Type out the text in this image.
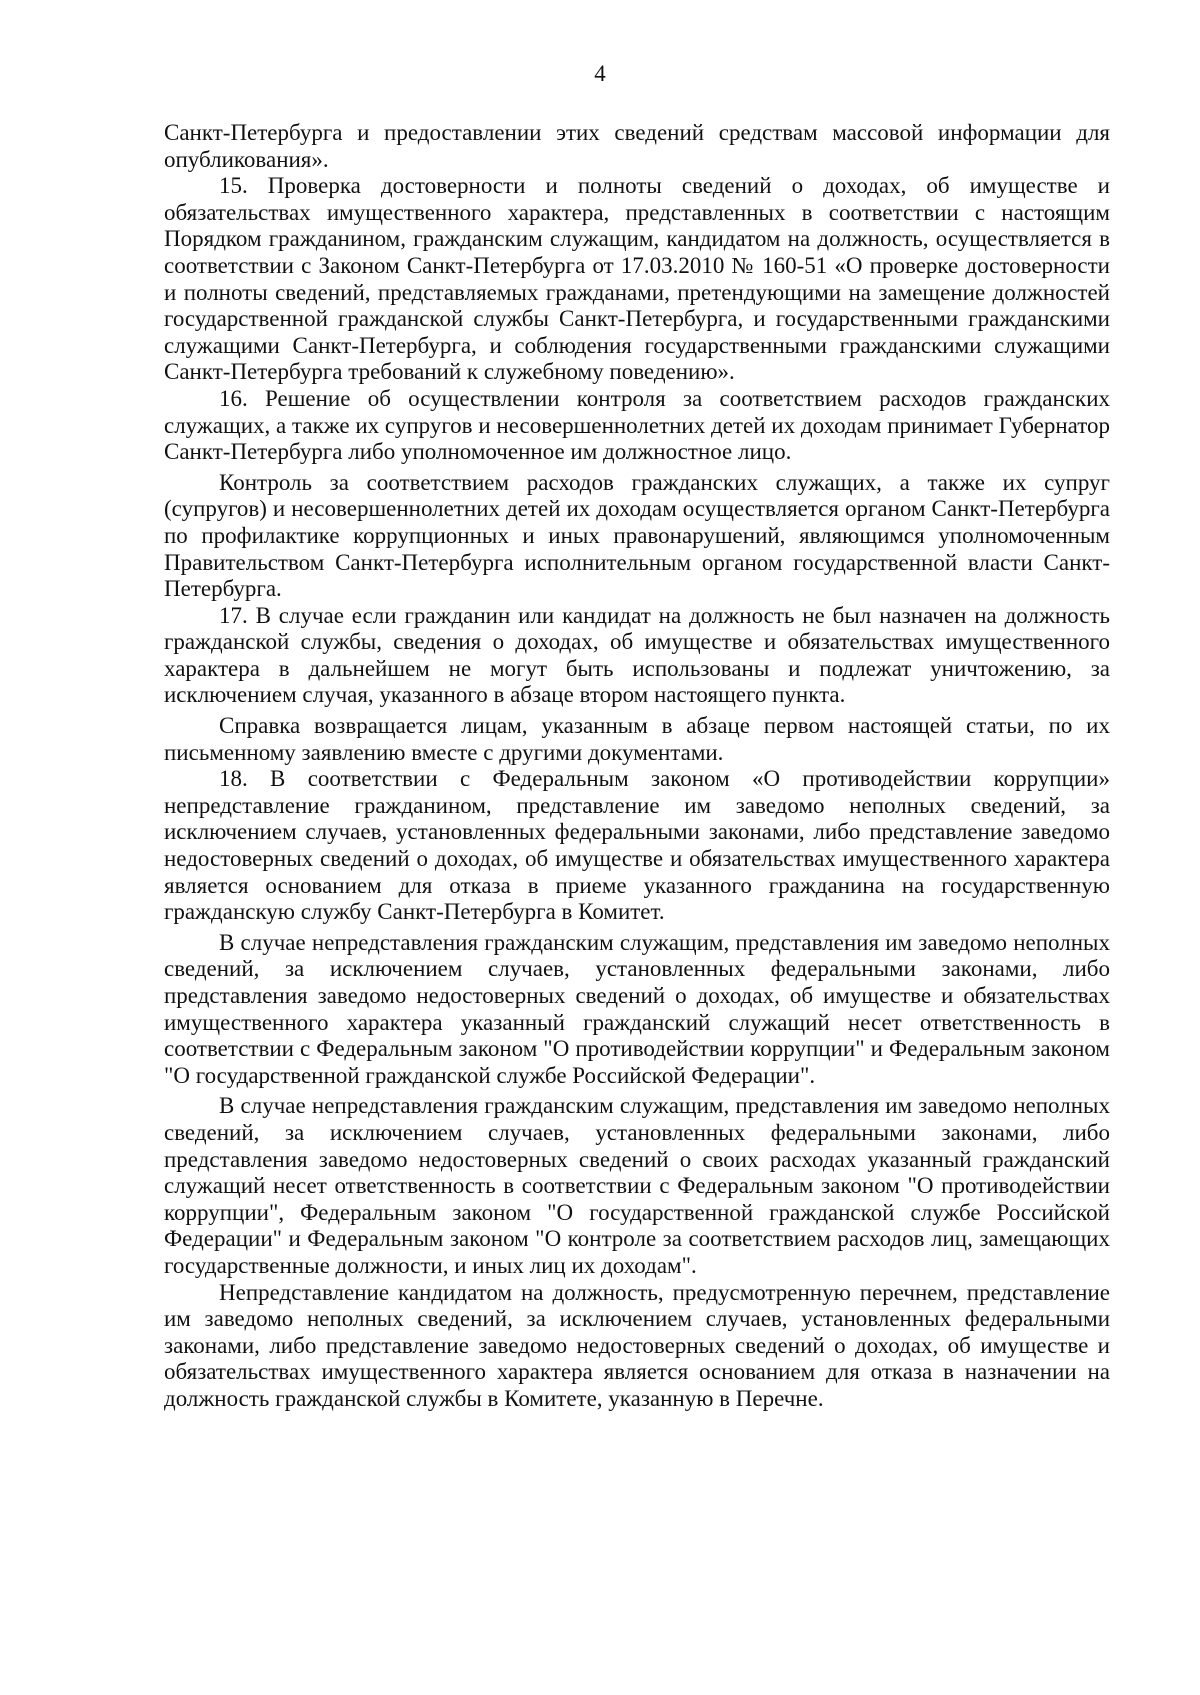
4

Санкт-Петербурга и предоставлении этих сведений средствам массовой информации для опубликования».

15. Проверка достоверности и полноты сведений о доходах, об имуществе и обязательствах имущественного характера, представленных в соответствии с настоящим Порядком гражданином, гражданским служащим, кандидатом на должность, осуществляется в соответствии с Законом Санкт-Петербурга от 17.03.2010 № 160-51 «О проверке достоверности и полноты сведений, представляемых гражданами, претендующими на замещение должностей государственной гражданской службы Санкт-Петербурга, и государственными гражданскими служащими Санкт-Петербурга, и соблюдения государственными гражданскими служащими Санкт-Петербурга требований к служебному поведению».

16. Решение об осуществлении контроля за соответствием расходов гражданских служащих, а также их супругов и несовершеннолетних детей их доходам принимает Губернатор Санкт-Петербурга либо уполномоченное им должностное лицо.

Контроль за соответствием расходов гражданских служащих, а также их супруг (супругов) и несовершеннолетних детей их доходам осуществляется органом Санкт-Петербурга по профилактике коррупционных и иных правонарушений, являющимся уполномоченным Правительством Санкт-Петербурга исполнительным органом государственной власти Санкт-Петербурга.

17. В случае если гражданин или кандидат на должность не был назначен на должность гражданской службы, сведения о доходах, об имуществе и обязательствах имущественного характера в дальнейшем не могут быть использованы и подлежат уничтожению, за исключением случая, указанного в абзаце втором настоящего пункта.

Справка возвращается лицам, указанным в абзаце первом настоящей статьи, по их письменному заявлению вместе с другими документами.

18. В соответствии с Федеральным законом «О противодействии коррупции» непредставление гражданином, представление им заведомо неполных сведений, за исключением случаев, установленных федеральными законами, либо представление заведомо недостоверных сведений о доходах, об имуществе и обязательствах имущественного характера является основанием для отказа в приеме указанного гражданина на государственную гражданскую службу Санкт-Петербурга в Комитет.

В случае непредставления гражданским служащим, представления им заведомо неполных сведений, за исключением случаев, установленных федеральными законами, либо представления заведомо недостоверных сведений о доходах, об имуществе и обязательствах имущественного характера указанный гражданский служащий несет ответственность в соответствии с Федеральным законом "О противодействии коррупции" и Федеральным законом "О государственной гражданской службе Российской Федерации".

В случае непредставления гражданским служащим, представления им заведомо неполных сведений, за исключением случаев, установленных федеральными законами, либо представления заведомо недостоверных сведений о своих расходах указанный гражданский служащий несет ответственность в соответствии с Федеральным законом "О противодействии коррупции", Федеральным законом "О государственной гражданской службе Российской Федерации" и Федеральным законом "О контроле за соответствием расходов лиц, замещающих государственные должности, и иных лиц их доходам".

Непредставление кандидатом на должность, предусмотренную перечнем, представление им заведомо неполных сведений, за исключением случаев, установленных федеральными законами, либо представление заведомо недостоверных сведений о доходах, об имуществе и обязательствах имущественного характера является основанием для отказа в назначении на должность гражданской службы в Комитете, указанную в Перечне.
